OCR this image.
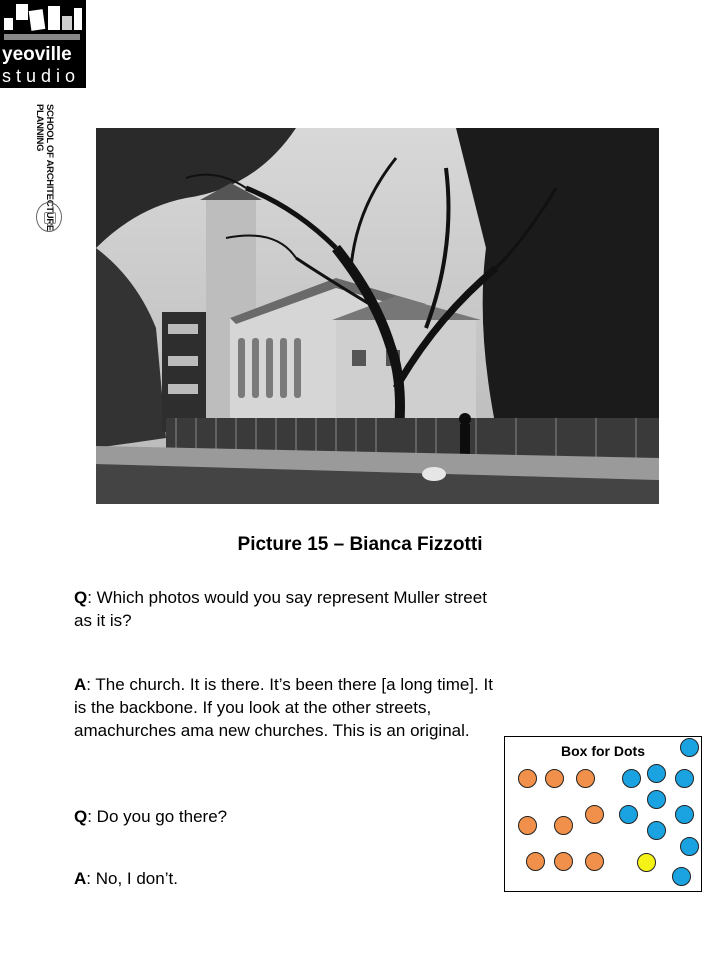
yeoville
studio
SCHOOL OF ARCHITECTURE PLANNING
Picture 15 – Bianca Fizzotti
Q: Which photos would you say represent Muller street as it is?
A: The church. It is there. It’s been there [a long time]. It is the backbone. If you look at the other streets, amachurches ama new churches. This is an original.
Q: Do you go there?
A: No, I don’t.
Box for Dots
